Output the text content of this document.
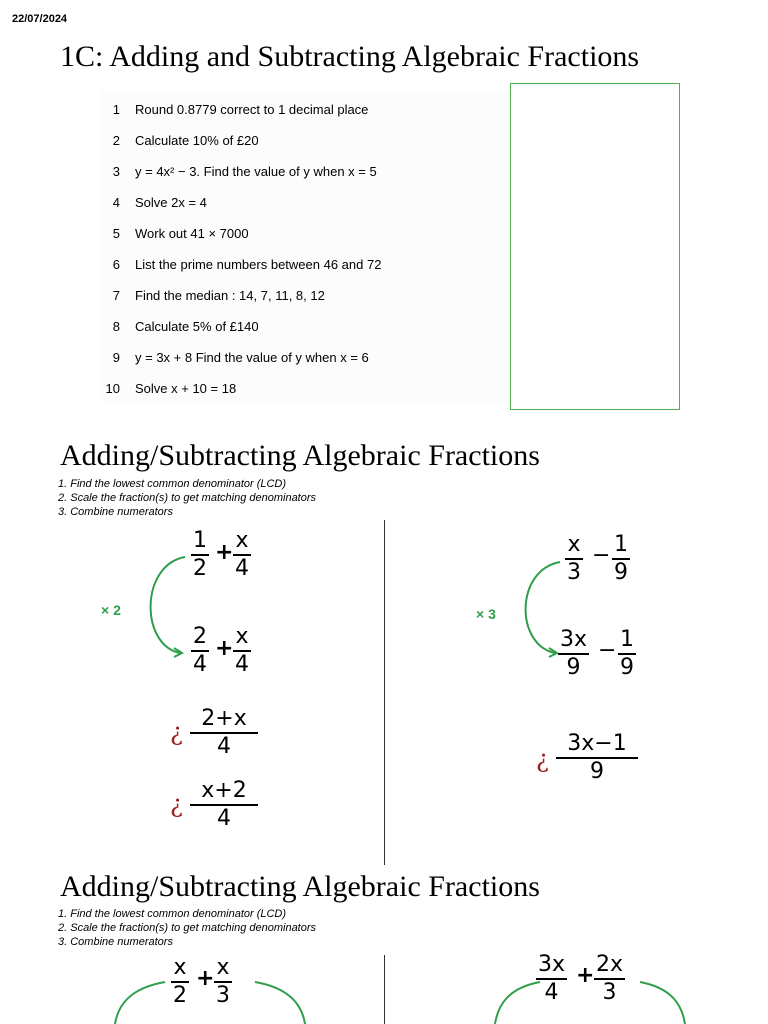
22/07/2024
1C: Adding and Subtracting Algebraic Fractions
1 Round 0.8779 correct to 1 decimal place
2 Calculate 10% of £20
3 y = 4x² − 3. Find the value of y when x = 5
4 Solve 2x = 4
5 Work out 41 × 7000
6 List the prime numbers between 46 and 72
7 Find the median : 14, 7, 11, 8, 12
8 Calculate 5% of £140
9 y = 3x + 8 Find the value of y when x = 6
10 Solve x + 10 = 18
Adding/Subtracting Algebraic Fractions
1. Find the lowest common denominator (LCD)
2. Scale the fraction(s) to get matching denominators
3. Combine numerators
1
2
+ x
4
× 2
2
4
+ x
4
¿ 2+x
4
¿ x+2
4
x
3
− 1
9
× 3
3x
9
− 1
9
¿
3x−1
9
Adding/Subtracting Algebraic Fractions
1. Find the lowest common denominator (LCD)
2. Scale the fraction(s) to get matching denominators
3. Combine numerators
x
2
+ x
3
3x
4
+ 2x
3
